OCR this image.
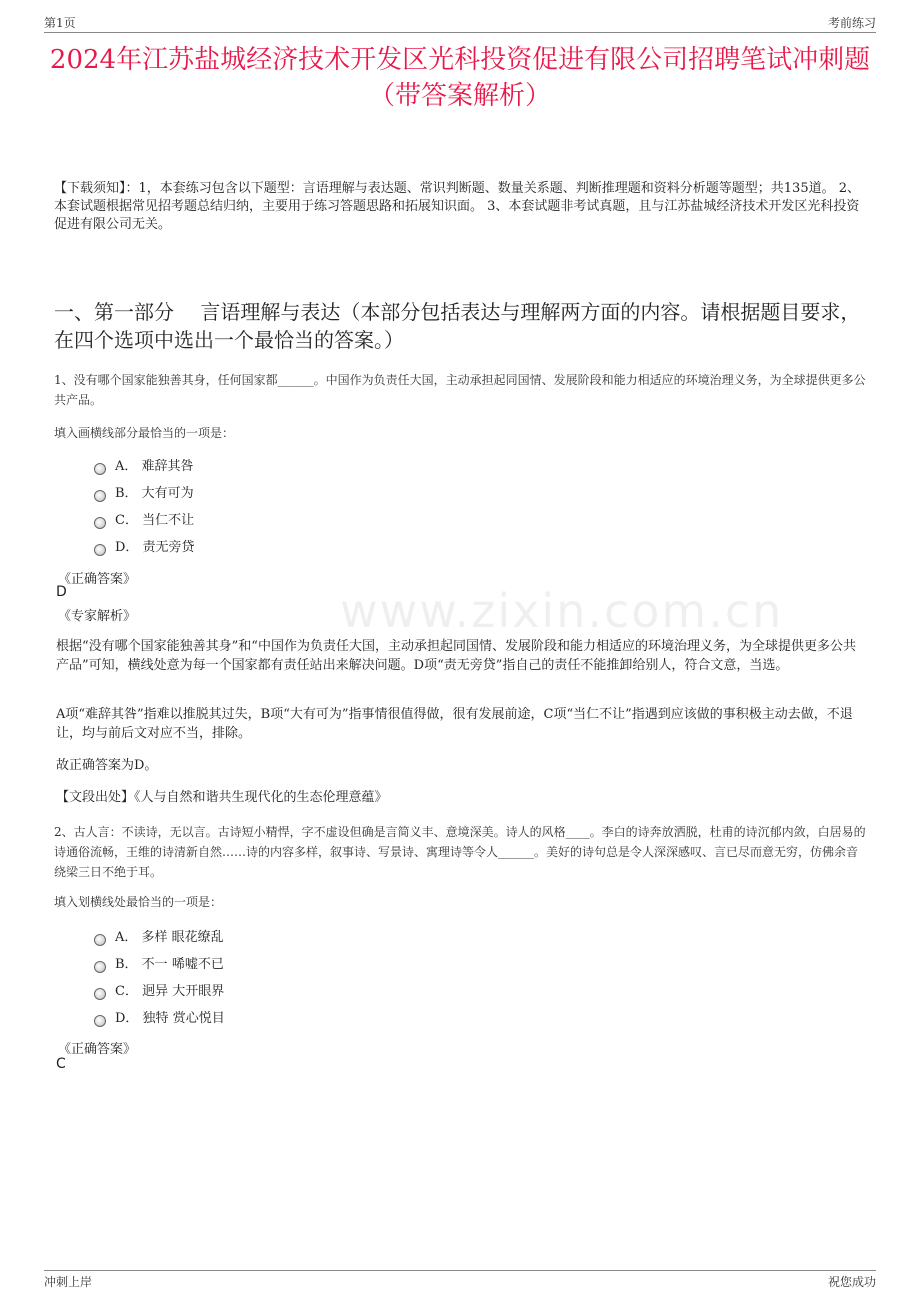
第1页	考前练习
2024年江苏盐城经济技术开发区光科投资促进有限公司招聘笔试冲刺题（带答案解析）
【下载须知】：1，本套练习包含以下题型：言语理解与表达题、常识判断题、数量关系题、判断推理题和资料分析题等题型；共135道。 2、本套试题根据常见招考题总结归纳，主要用于练习答题思路和拓展知识面。 3、本套试题非考试真题，且与江苏盐城经济技术开发区光科投资促进有限公司无关。
一、第一部分　 言语理解与表达（本部分包括表达与理解两方面的内容。请根据题目要求，在四个选项中选出一个最恰当的答案。）
www.zixin.com.cn
1、没有哪个国家能独善其身，任何国家都______。中国作为负责任大国，主动承担起同国情、发展阶段和能力相适应的环境治理义务，为全球提供更多公共产品。
填入画横线部分最恰当的一项是：
A． 难辞其咎
B． 大有可为
C． 当仁不让
D． 责无旁贷
《正确答案》
D
《专家解析》
根据“没有哪个国家能独善其身”和“中国作为负责任大国，主动承担起同国情、发展阶段和能力相适应的环境治理义务，为全球提供更多公共产品”可知，横线处意为每一个国家都有责任站出来解决问题。D项“责无旁贷”指自己的责任不能推卸给别人，符合文意，当选。
A项“难辞其咎”指难以推脱其过失，B项“大有可为”指事情很值得做，很有发展前途，C项“当仁不让”指遇到应该做的事积极主动去做，不退让，均与前后文对应不当，排除。
故正确答案为D。
【文段出处】《人与自然和谐共生现代化的生态伦理意蕴》
2、古人言：不读诗，无以言。古诗短小精悍，字不虚设但确是言简义丰、意境深美。诗人的风格____。李白的诗奔放洒脱，杜甫的诗沉郁内敛，白居易的诗通俗流畅，王维的诗清新自然……诗的内容多样，叙事诗、写景诗、寓理诗等令人______。美好的诗句总是令人深深感叹、言已尽而意无穷，仿佛余音绕梁三日不绝于耳。
填入划横线处最恰当的一项是：
A． 多样 眼花缭乱
B． 不一 唏嘘不已
C． 迥异 大开眼界
D． 独特 赏心悦目
《正确答案》
C
冲刺上岸	祝您成功
